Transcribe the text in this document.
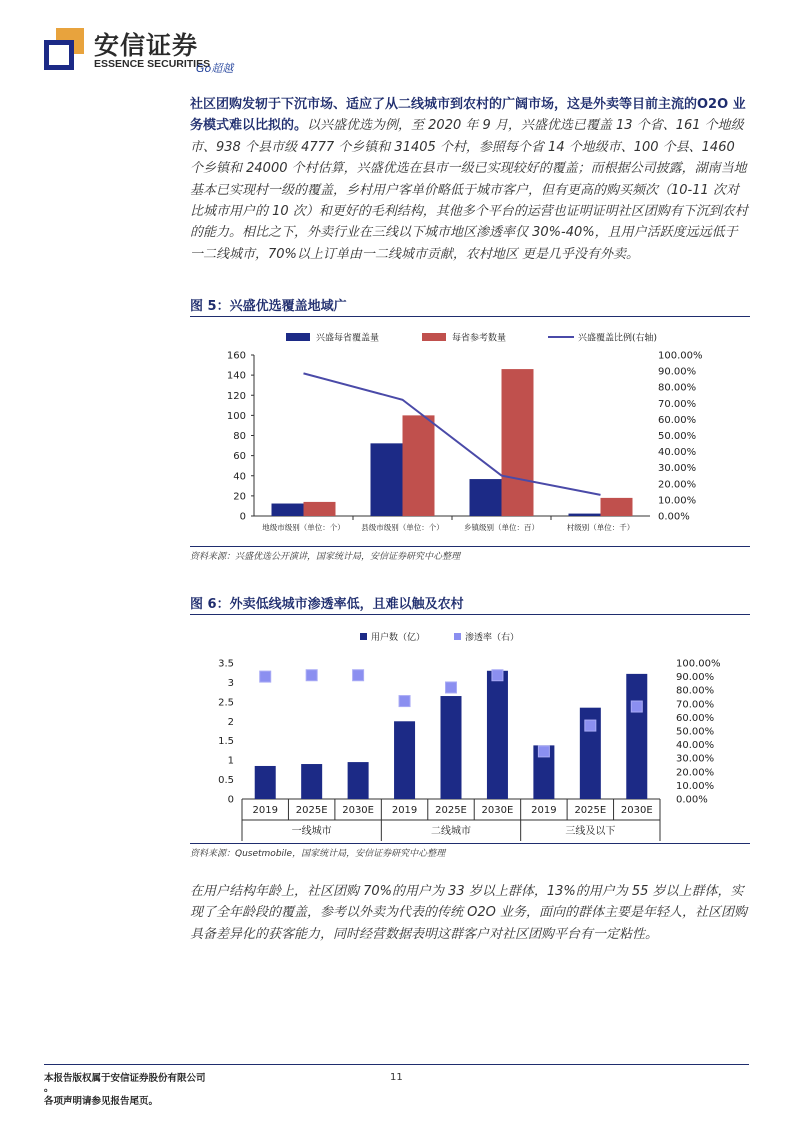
安信证券
ESSENCE SECURITIES
Go超越
社区团购发轫于下沉市场、适应了从二线城市到农村的广阔市场，这是外卖等目前主流的O2O 业务模式难以比拟的。以兴盛优选为例，至 2020 年 9 月，兴盛优选已覆盖 13 个省、161 个地级市、938 个县市级 4777 个乡镇和 31405 个村，参照每个省 14 个地级市、100 个县、1460 个乡镇和 24000 个村估算，兴盛优选在县市一级已实现较好的覆盖；而根据公司披露，湖南当地基本已实现村一级的覆盖，乡村用户客单价略低于城市客户，但有更高的购买频次（10-11 次对比城市用户的 10 次）和更好的毛利结构，其他多个平台的运营也证明证明社区团购有下沉到农村的能力。相比之下，外卖行业在三线以下城市地区渗透率仅 30%-40%，且用户活跃度远远低于一二线城市，70%以上订单由一二线城市贡献，农村地区 更是几乎没有外卖。
图 5：兴盛优选覆盖地域广
兴盛每省覆盖量	每省参考数量	兴盛覆盖比例(右轴)
0
20
40
60
80
100
120
140
160
0.00%
10.00%
20.00%
30.00%
40.00%
50.00%
60.00%
70.00%
80.00%
90.00%
100.00%
地级市级别（单位：个） 县级市级别（单位：个）	乡镇级别（单位：百）	村级别（单位：千）
资料来源：兴盛优选公开演讲，国家统计局，安信证券研究中心整理
图 6：外卖低线城市渗透率低，且难以触及农村
用户数（亿）	渗透率（右）
0
0.5
1
1.5
2
2.5
3
3.5
0.00%
10.00%
20.00%
30.00%
40.00%
50.00%
60.00%
70.00%
80.00%
90.00%
100.00%
2019 2025E 2030E 2019 2025E 2030E 2019 2025E 2030E
一线城市	二线城市	三线及以下
资料来源：Qusetmobile，国家统计局，安信证券研究中心整理
在用户结构年龄上，社区团购 70%的用户为 33 岁以上群体，13%的用户为 55 岁以上群体，实现了全年龄段的覆盖，参考以外卖为代表的传统 O2O 业务，面向的群体主要是年轻人，社区团购具备差异化的获客能力，同时经营数据表明这群客户对社区团购平台有一定粘性。
本报告版权属于安信证券股份有限公司
。
各项声明请参见报告尾页。
11
